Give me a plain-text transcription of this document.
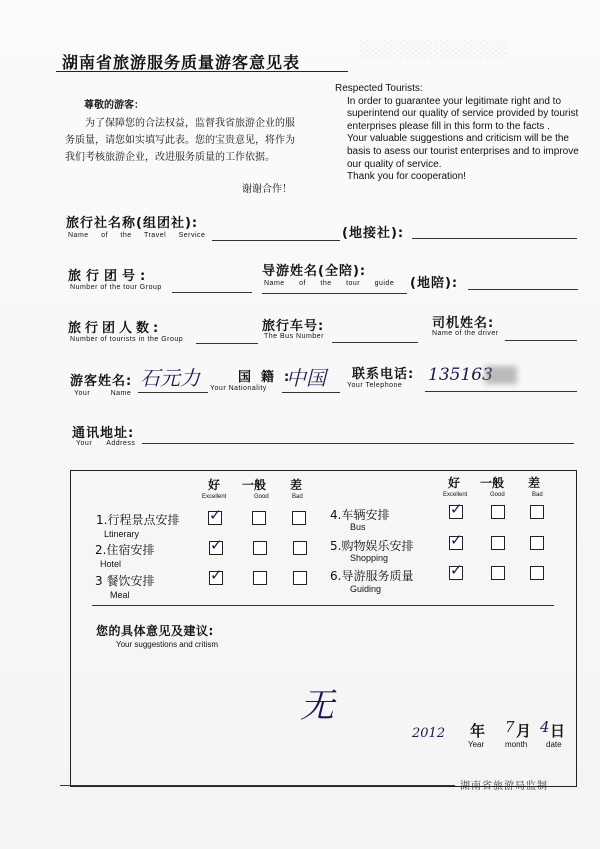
░░░░░░░░░░░░
湖南省旅游服务质量游客意见表
尊敬的游客：
为了保障您的合法权益，监督我省旅游企业的服务质量，请您如实填写此表。您的宝贵意见，将作为我们考核旅游企业，改进服务质量的工作依据。
谢谢合作！

Respected Tourists:

In order to guarantee your legitimate right and to superintend our quality of service provided by tourist enterprises please fill in this form to the facts .

Your valuable suggestions and criticism will be the basis to asess our tourist enterprises and to improve our quality of service.

Thank you for cooperation!

旅行社名称(组团社):
Name of the Travel Service	(地接社):
旅行团号:
Number of the tour Group
导游姓名(全陪):
Name of the tour guide (地陪):
旅行团人数:
Number of tourists in the Group
旅行车号:
The Bus Number
司机姓名:
Name of the driver
游客姓名:
Your Name
石元力	国籍:
Your Nationality 中国 联系电话:
Your Telephone
135163
通讯地址:
Your Address
好
Excellent
一般
Good
差
Bad
好
Excellent
一般
Good
差
Bad
1.行程景点安排
Ltinerary
2.住宿安排
Hotel
3 餐饮安排
Meal
4.车辆安排
Bus
5.购物娱乐安排
Shopping
6.导游服务质量
Guiding
✓
✓
✓
✓
✓
✓
您的具体意见及建议:
Your suggestions and critism
无
2012 年
Year
7 月
month
4 日
date
湖南省旅游局监制
